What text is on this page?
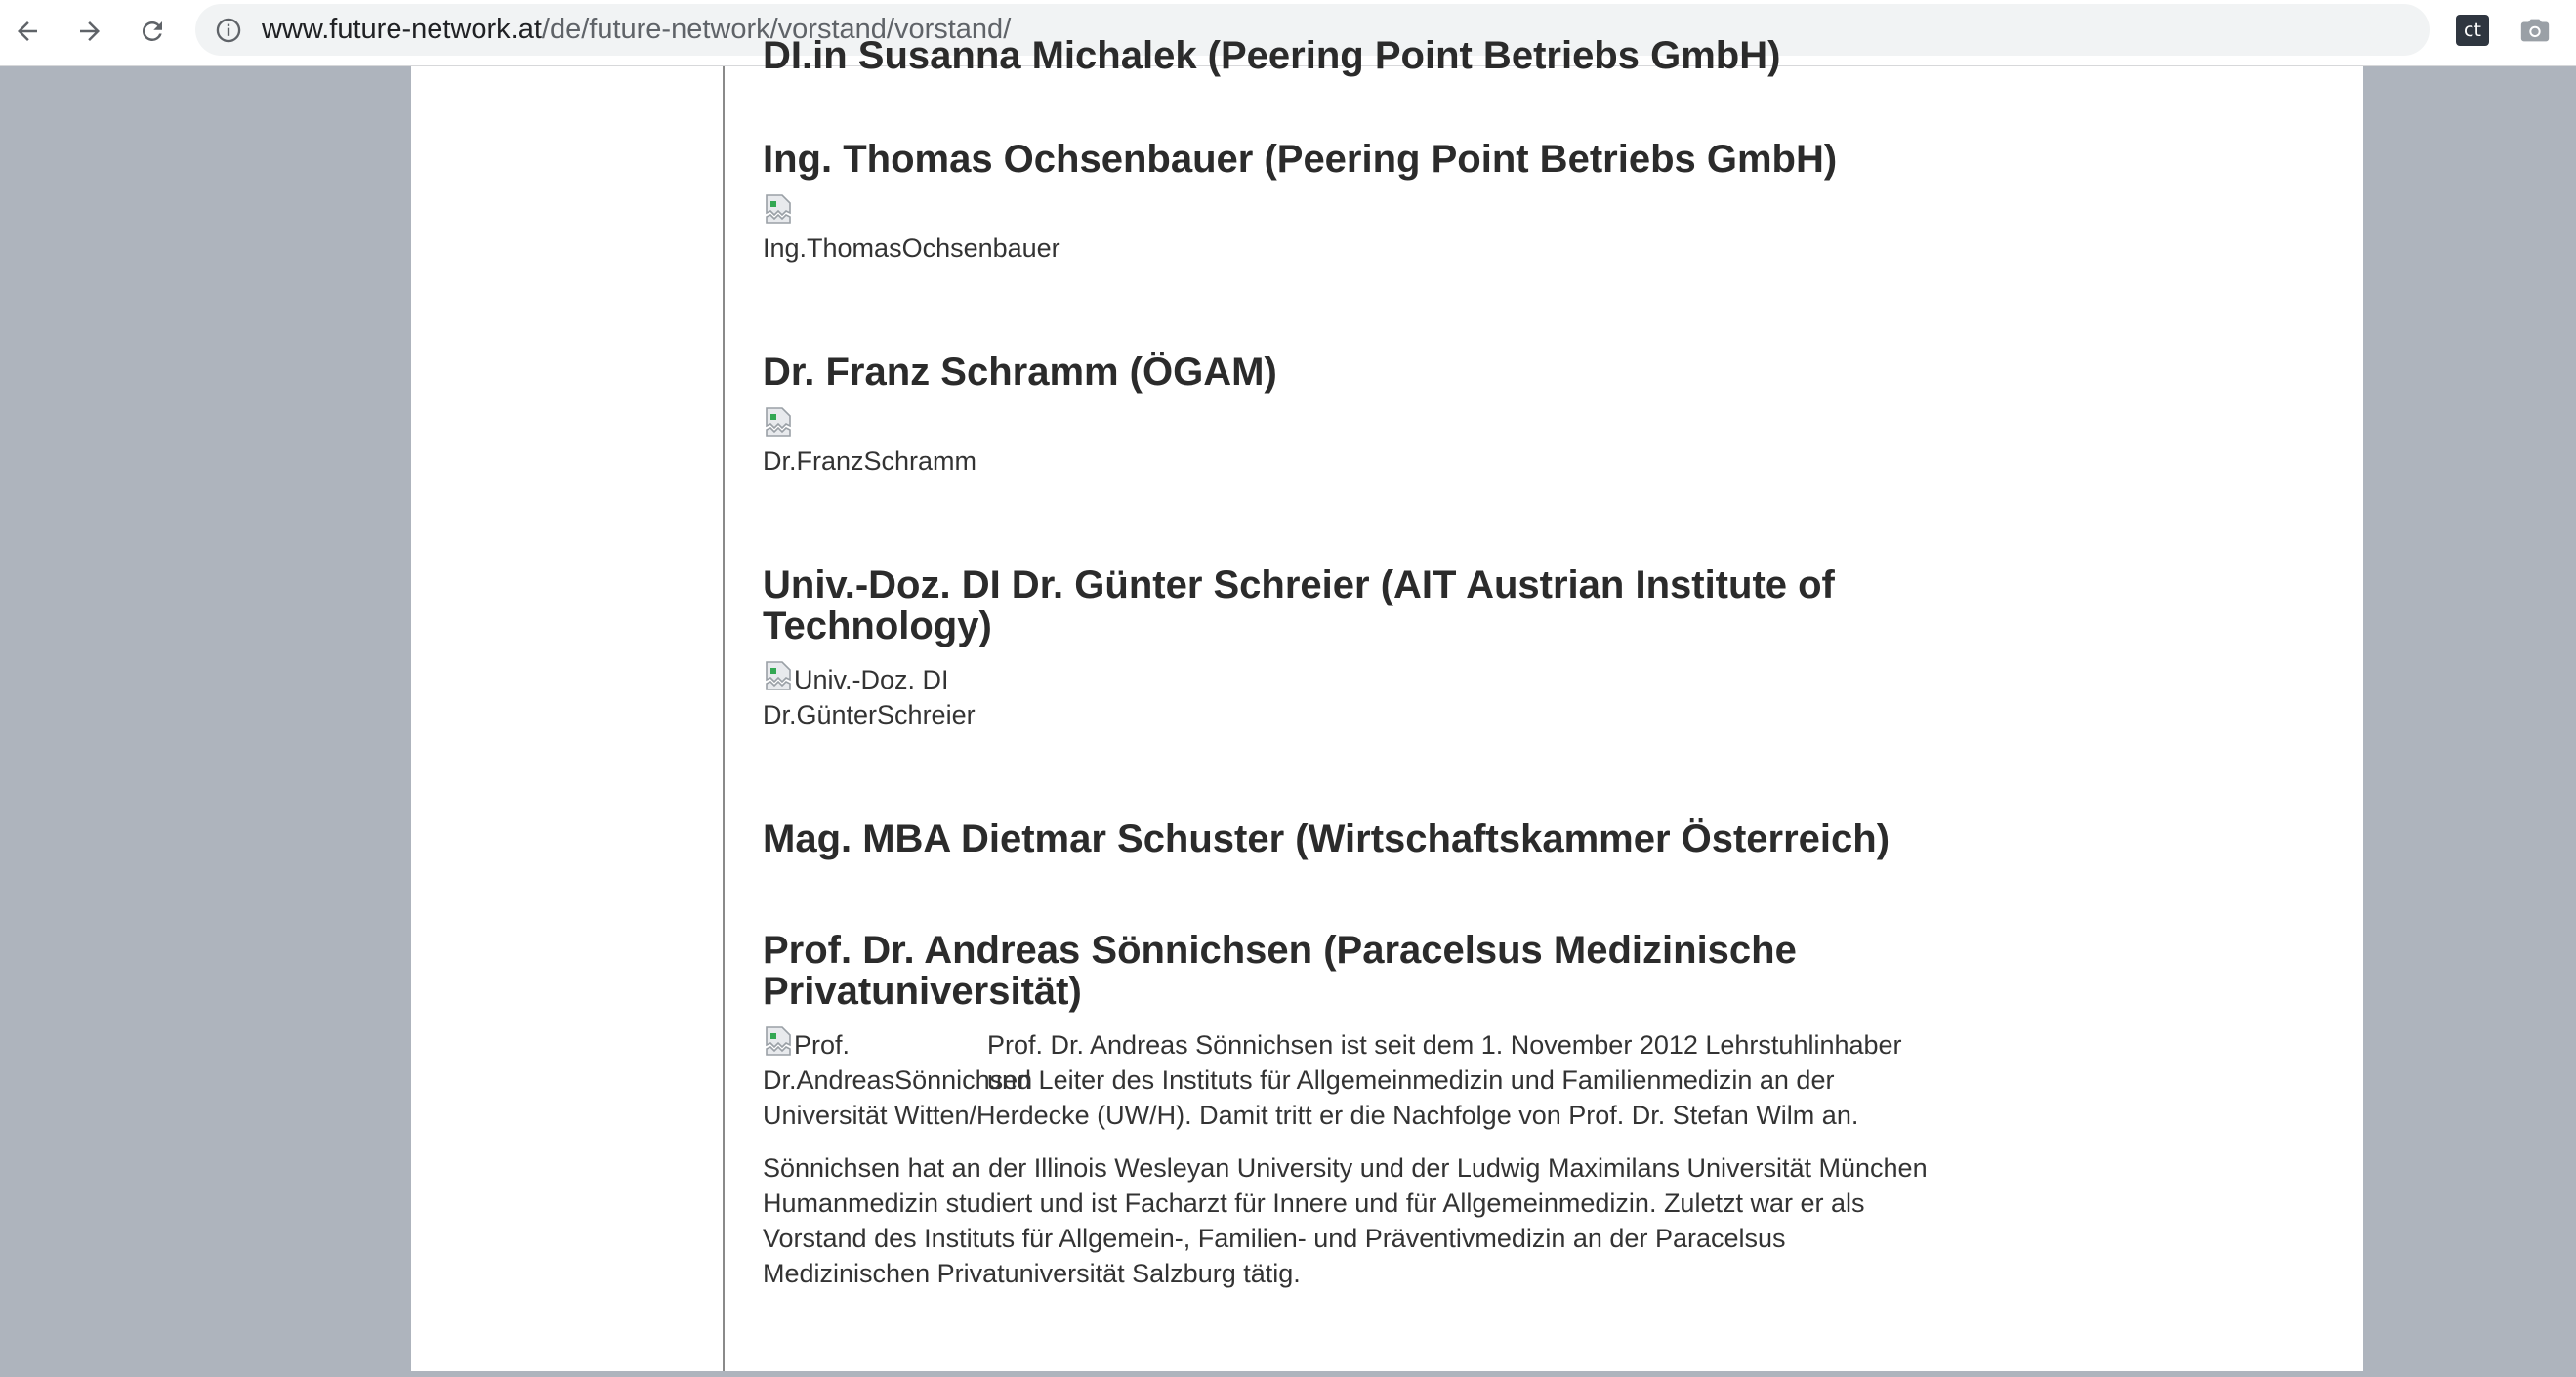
www.future-network.at/de/future-network/vorstand/vorstand/	ct
DI.in Susanna Michalek (Peering Point Betriebs GmbH)
Ing. Thomas Ochsenbauer (Peering Point Betriebs GmbH)

Ing.ThomasOchsenbauer
Dr. Franz Schramm (ÖGAM)

Dr.FranzSchramm
Univ.-Doz. DI Dr. Günter Schreier (AIT Austrian Institute of Technology)
Univ.-Doz. DI
Dr.GünterSchreier
Mag. MBA Dietmar Schuster (Wirtschaftskammer Österreich)
Prof. Dr. Andreas Sönnichsen (Paracelsus Medizinische Privatuniversität)
Prof.
Dr.AndreasSönnichsen
Prof. Dr. Andreas Sönnichsen ist seit dem 1. November 2012 Lehrstuhlinhaber und Leiter des Instituts für Allgemeinmedizin und Familienmedizin an der Universität Witten/Herdecke (UW/H). Damit tritt er die Nachfolge von Prof. Dr. Stefan Wilm an.
Sönnichsen hat an der Illinois Wesleyan University und der Ludwig Maximilans Universität München Humanmedizin studiert und ist Facharzt für Innere und für Allgemeinmedizin. Zuletzt war er als Vorstand des Instituts für Allgemein-, Familien- und Präventivmedizin an der Paracelsus Medizinischen Privatuniversität Salzburg tätig.
